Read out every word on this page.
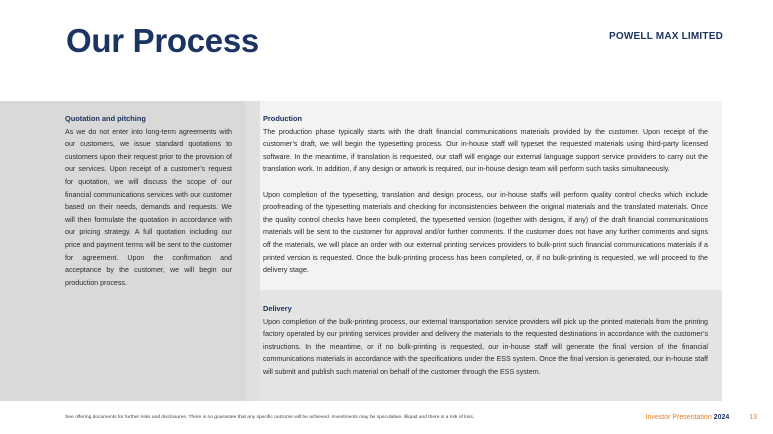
Our Process	POWELL MAX LIMITED
Quotation and pitching
As we do not enter into long-term agreements with our customers, we issue standard quotations to customers upon their request prior to the provision of our services. Upon receipt of a customer’s request for quotation, we will discuss the scope of our financial communications services with our customer based on their needs, demands and requests. We will then formulate the quotation in accordance with our pricing strategy. A full quotation including our price and payment terms will be sent to the customer for agreement. Upon the confirmation and acceptance by the customer, we will begin our production process.
Production
The production phase typically starts with the draft financial communications materials provided by the customer. Upon receipt of the customer’s draft, we will begin the typesetting process. Our in-house staff will typeset the requested materials using third-party licensed software. In the meantime, if translation is requested, our staff will engage our external language support service providers to carry out the translation work. In addition, if any design or artwork is required, our in-house design team will perform such tasks simultaneously.
Upon completion of the typesetting, translation and design process, our in-house staffs will perform quality control checks which include proofreading of the typesetting materials and checking for inconsistencies between the original materials and the translated materials. Once the quality control checks have been completed, the typesetted version (together with designs, if any) of the draft financial communications materials will be sent to the customer for approval and/or further comments. If the customer does not have any further comments and signs off the materials, we will place an order with our external printing services providers to bulk-print such financial communications materials if a printed version is requested. Once the bulk-printing process has been completed, or, if no bulk-printing is requested, we will proceed to the delivery stage.
Delivery
Upon completion of the bulk-printing process, our external transportation service providers will pick up the printed materials from the printing factory operated by our printing services provider and delivery the materials to the requested destinations in accordance with the customer’s instructions. In the meantime, or if no bulk-printing is requested, our in-house staff will generate the final version of the financial communications materials in accordance with the specifications under the ESS system. Once the final version is generated, our in-house staff will submit and publish such material on behalf of the customer through the ESS system.
See offering documents for further risks and disclosures. There is no guarantee that any specific outcome will be achieved. Investments may be speculative, illiquid and there is a risk of loss.	Investor Presentation 2024	13
